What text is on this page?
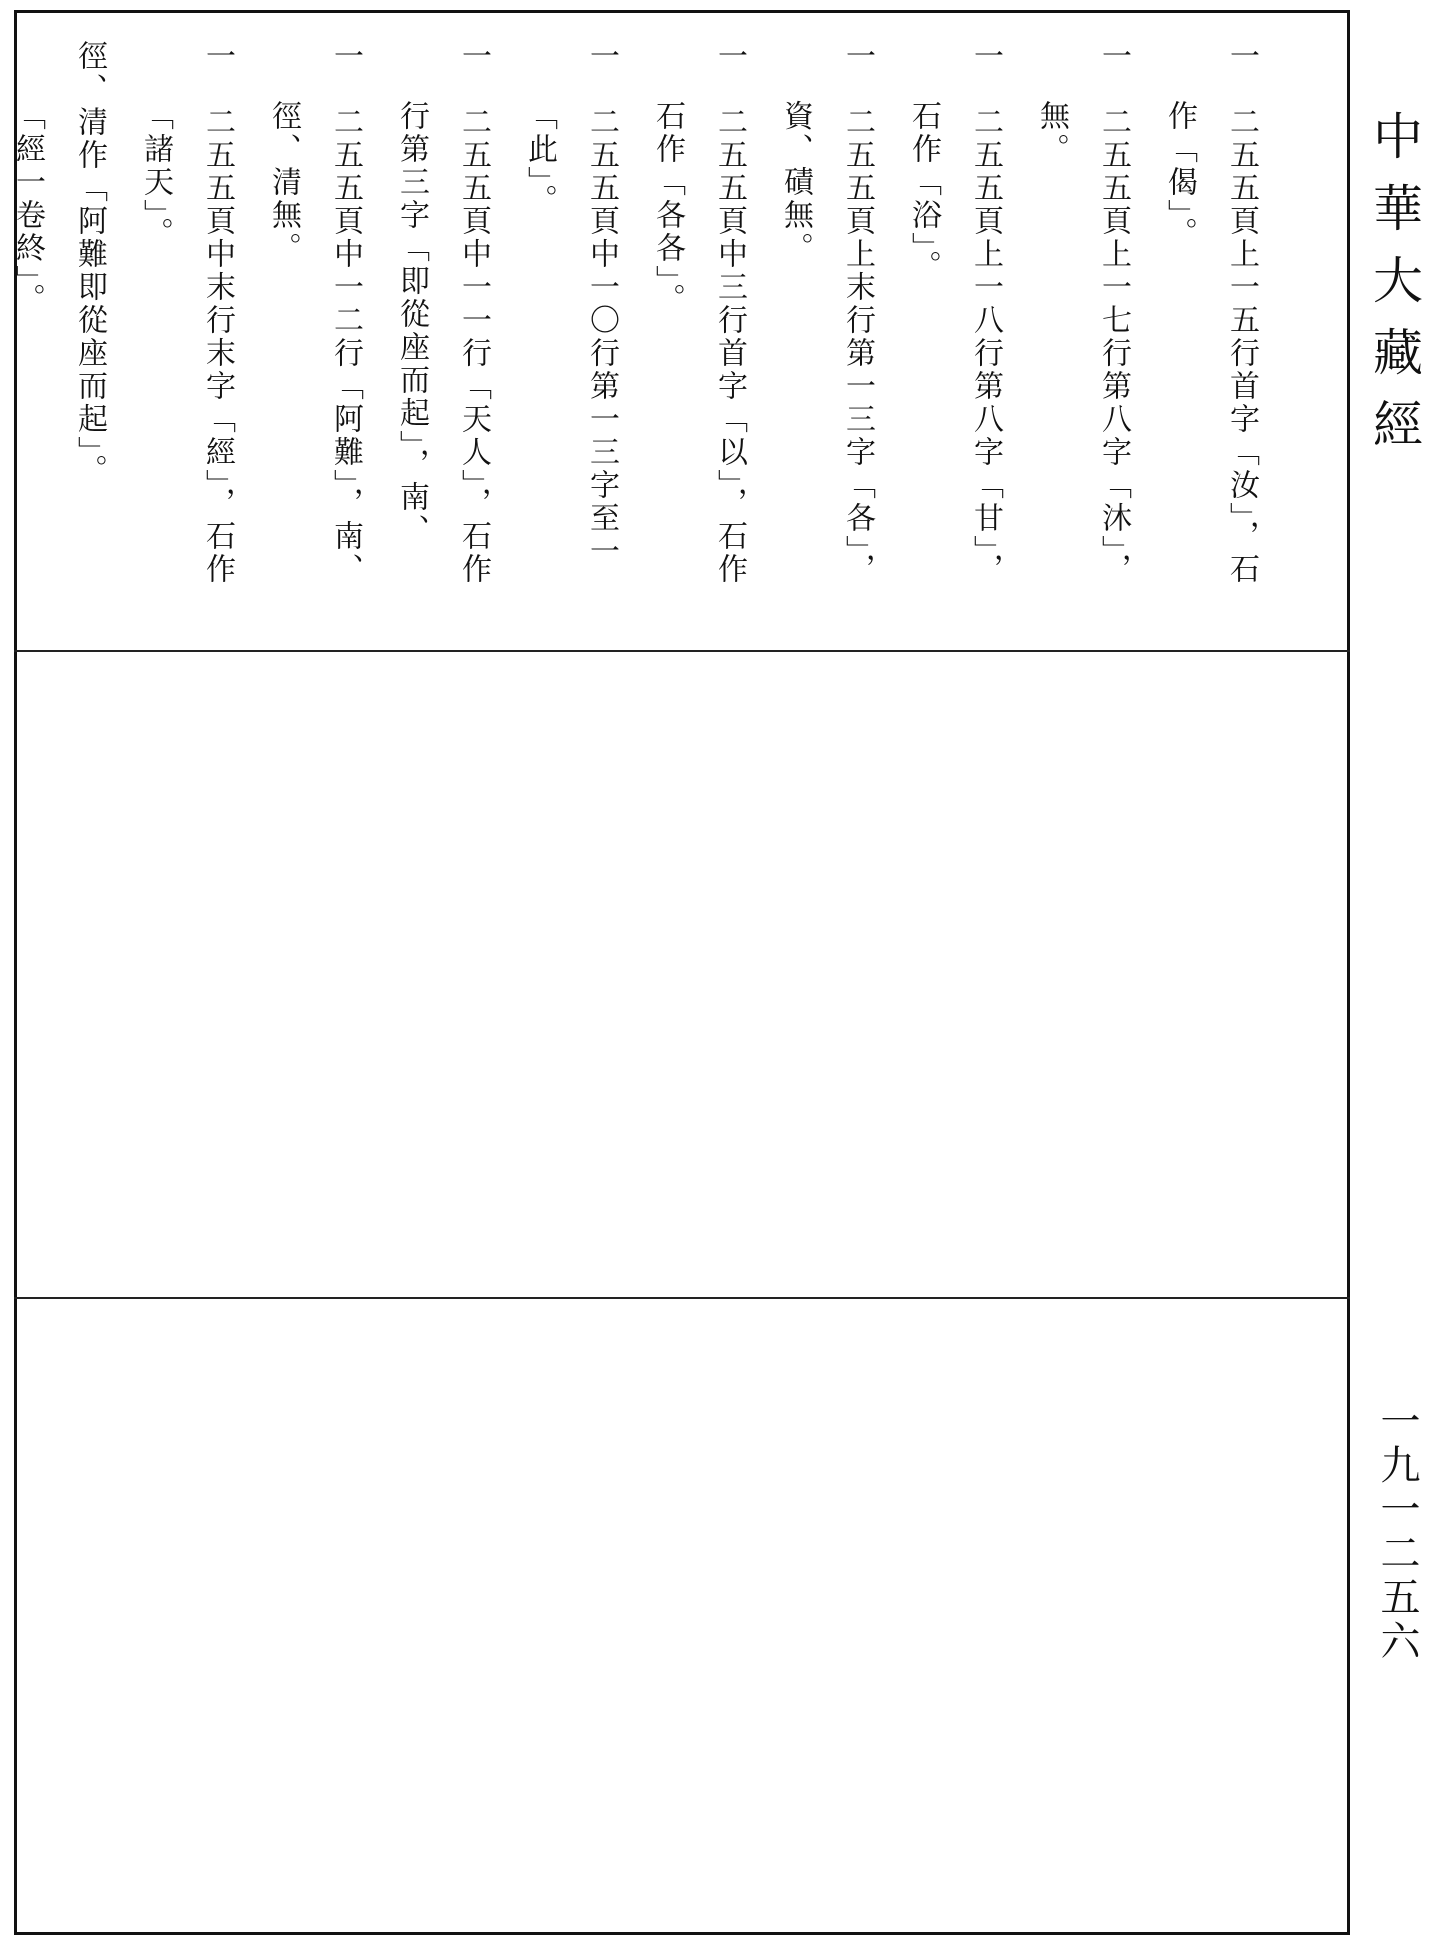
一　二五五頁上一五行首字「汝」，石
作「偈」。
一　二五五頁上一七行第八字「沐」，
無。
一　二五五頁上一八行第八字「甘」，
石作「浴」。
一　二五五頁上末行第一三字「各」，
資、磧無。
一　二五五頁中三行首字「以」，石作
石作「各各」。
一　二五五頁中一〇行第一三字至一
「此」。
一　二五五頁中一一行「天人」，石作
行第三字「即從座而起」，南、
一　二五五頁中一二行「阿難」，南、
徑、清無。
一　二五五頁中末行末字「經」，石作
「諸天」。
徑、清作「阿難即從座而起」。
「經一卷終」。	中華大藏經
一九一二五六
